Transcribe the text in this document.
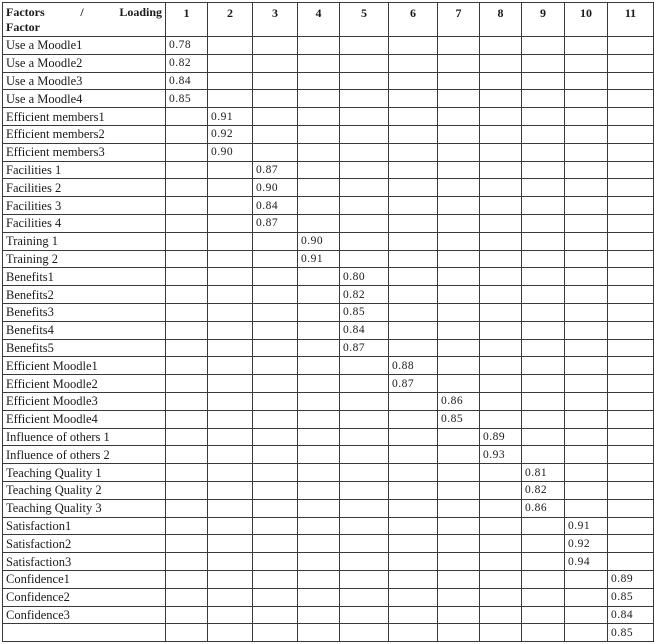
Factors / Loading
Factor	1	2	3	4	5	6	7	8	9	10	11
Use a Moodle1	0.78										
Use a Moodle2	0.82										
Use a Moodle3	0.84										
Use a Moodle4	0.85										
Efficient members1		0.91									
Efficient members2		0.92									
Efficient members3		0.90									
Facilities 1			0.87								
Facilities 2			0.90								
Facilities 3			0.84								
Facilities 4			0.87								
Training 1				0.90							
Training 2				0.91							
Benefits1					0.80						
Benefits2					0.82						
Benefits3					0.85						
Benefits4					0.84						
Benefits5					0.87						
Efficient Moodle1						0.88					
Efficient Moodle2						0.87					
Efficient Moodle3							0.86				
Efficient Moodle4							0.85				
Influence of others 1								0.89			
Influence of others 2								0.93			
Teaching Quality 1									0.81		
Teaching Quality 2									0.82		
Teaching Quality 3									0.86		
Satisfaction1										0.91	
Satisfaction2										0.92	
Satisfaction3										0.94	
Confidence1											0.89
Confidence2											0.85
Confidence3											0.84
											0.85
